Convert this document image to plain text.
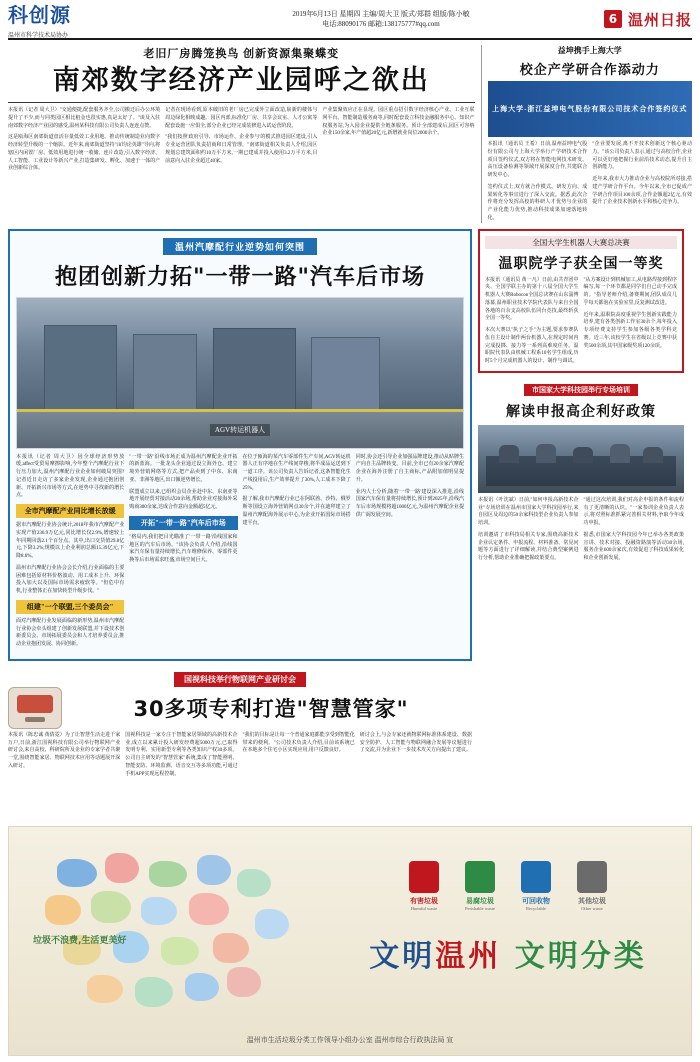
科创源
温州市科学技术局协办
2019年6月13日 星期四 主编/周大卫 版式/郑群 组版/陈小敏
电话:88090176 邮箱:138175777#qq.com	6 温州日报
老旧厂房腾笼换鸟 创新资源集聚蝶变
南郊数字经济产业园呼之欲出

本报讯（记者 周大卫）"交通便捷,配套服务齐全,公司搬迁后办公环境提升了不少,而与同类园区相比租金也很实惠,真是太好了。"谈及入驻南郊数字经济产业园的感受,温州某科技有限公司负责人连连点赞。

这是瓯海区南郊街道盘活存量低效工业用地、推动传统制造业向数字经济转型升级的一个缩影。近年来,南郊街道坚持"亩均论英雄"导向,将辖区内闲置厂房、低效用地进行统一收储、连片改造,引入数字经济、人工智能、工业设计等新兴产业,打造集研发、孵化、加速于一体的产业创新综合体。

记者在现场看到,原本破旧的老厂房已完成外立面改造,崭新的楼体与周边绿化相映成趣。园区内部,标准化厂房、共享会议室、人才公寓等配套设施一应俱全,部分企业已经完成装修进入试运营阶段。

"我们按照'政府引导、市场运作、企业参与'的模式推进园区建设,引入专业运营团队负责招商和日常管理。"南郊街道相关负责人介绍,园区规划总建筑面积约10万平方米,一期已建成并投入使用3.2万平方米,目前意向入驻企业超过40家。

产业集聚效应正在显现。园区重点招引数字经济核心产业、工业互联网平台、智能制造服务商等,同时配套设立科技金融服务中心、知识产权服务站,为入园企业提供全链条服务。预计全部建成后,园区可容纳企业150余家,年产值超20亿元,新增就业岗位2000余个。

益坤携手上海大学
校企产学研合作添动力
上海大学-浙江益坤电气股份有限公司技术合作签约仪式

本报讯（通讯员 王希）日前,温州益坤电气股份有限公司与上海大学举行产学研技术合作项目签约仪式,双方将在智能电网技术研发、高压设备检测等领域开展深度合作,共建联合研发中心。

签约仪式上,双方就合作模式、研发方向、成果转化等事宜进行了深入交流。据悉,此次合作将充分发挥高校的科研人才优势与企业的产业化能力优势,推动科技成果加速落地转化。

"企业要发展,离不开技术创新这个核心驱动力。"该公司负责人表示,通过与高校合作,企业可以更好地把握行业前沿技术动态,提升自主创新能力。

近年来,我市大力推动企业与高校院所对接,搭建产学研合作平台。今年以来,全市已促成产学研合作项目100余项,合作金额超2亿元,有效提升了企业技术创新水平和核心竞争力。

温州汽摩配行业逆势如何突围
抱团创新力拓"一带一路"汽车后市场
AGV转运机器人

本报讯（记者 周大卫）因全球经济形势放缓,affect受贸易摩擦影响,今年整个汽摩配行业下行压力加大,温州汽摩配行业企业如何破局突围?记者近日走访了多家企业发现,企业通过抱团创新、开拓新兴市场等方式,在逆势中寻找新的增长点。

全市汽摩配产业同比增长放缓

据市汽摩配行业协会统计,2018年我市汽摩配产业实现产值236.9万亿元,同比增长仅2.9%,增速较上年同期回落2.1个百分点。其中,出口交货值29.8亿元,下降3.2%;规模以上企业利润总额15.39亿元,下降8.6%。

温州市汽摩配行业协会会长介绍,行业面临的主要困难包括原材料价格波动、用工成本上升、环保投入加大以及国际市场需求疲软等。"但危中有机,行业整体正在加快转型升级步伐。"

组建"一个联盟,三个委员会"

面对汽摩配行业发展面临的新形势,温州市汽摩配行业协会牵头组建了创新发展联盟,并下设技术创新委员会、市场拓展委员会和人才培养委员会,推动企业抱团发展、协同创新。

"一带一路"沿线市场正成为温州汽摩配企业开拓的新蓝海。一批龙头企业通过设立海外仓、建立境外营销网络等方式,把产品卖到了中东、东南亚、非洲等地区,出口额逆势增长。

联盟成立以来,已组织会员企业赴中东、东南亚等地开展经贸对接活动20余场,帮助企业对接海外采购商300余家,达成合作意向金额超5亿元。

开拓"一带一路"汽车后市场

"格局内,我们把目光瞄准了'一带一路'沿线国家和地区的汽车后市场。"该协会负责人介绍,沿线国家汽车保有量持续增长,汽车维修保养、零部件更换等后市场需求旺盛,市场空间巨大。

在位于瓯海的某汽车零部件生产车间,AGV转运机器人正有序地在生产线间穿梭,将半成品运送到下一道工序。该公司负责人告诉记者,这条智能化生产线投用后,生产效率提升了30%,人工成本下降了25%。

据了解,我市汽摩配行业已在阿联酋、沙特、俄罗斯等国设立海外营销网点30余个,并在迪拜建立了温州汽摩配海外展示中心,为企业开拓国际市场搭建平台。

同时,协会还引导企业加强品牌建设,推动从贴牌生产向自主品牌转变。目前,全市已有20余家汽摩配企业在海外注册了自主商标,产品附加值明显提升。

业内人士分析,随着'一带一路'建设深入推进,沿线国家汽车保有量将持续增长,预计到2025年,沿线汽车后市场规模将超1000亿元,为温州汽摩配企业提供广阔发展空间。

全国大学生机器人大赛总决赛
温职院学子获全国一等奖

本报讯（通讯员 黄一凡）日前,由共青团中央、全国学联主办的第十八届全国大学生机器人大赛Robocon全国总决赛在山东淄博落幕,温州职业技术学院代表队与来自全国各地的百余支高校队伍同台竞技,最终斩获全国一等奖。

本次大赛以"执子之手"为主题,要求参赛队伍自主设计制作两台机器人,在规定时间内完成投掷、接力等一系列高难度任务。温职院代表队由机械工程系10名学生组成,历时5个月完成机器人的设计、制作与调试。

"从方案设计到机械加工,从电路焊接到程序编写,每一个环节都是同学们自己动手完成的。"指导老师介绍,备赛期间,团队成员几乎每天都泡在实验室里,反复测试改进。

近年来,温职院高度重视学生创新实践能力培养,建有各类创新工作室30余个,每年投入专项经费支持学生参加各级各类学科竞赛。近三年,该校学生在省级以上竞赛中获奖500余项,其中国家级奖项120余项。

市国家大学科技园举行专场培训
解读申报高企利好政策

本报讯（叶沈斌）日前,"如何申报高新技术企业"专场培训在温州市国家大学科技园举行,来自园区及周边的50余家科技型企业负责人参加培训。

培训邀请了市科技局相关专家,围绕高新技术企业认定条件、申报流程、材料准备、常见问题等方面进行了详细解读,并结合典型案例进行分析,帮助企业准确把握政策要点。

"通过这次培训,我们对高企申报的条件和流程有了更清晰的认识。"一家参训企业负责人表示,将对照标准抓紧完善相关材料,争取今年成功申报。

据悉,市国家大学科技园今年已举办各类政策宣讲、技术对接、投融资路演等活动30余场,服务企业600余家次,有效促进了科技成果转化和企业创新发展。

国视科技举行物联网产业研讨会
30多项专利打造"智慧管家"

本报讯（陈忠诚 黄倩霓）为了让智慧生活走进千家万户,日前,浙江国视科技有限公司举行物联网产业研讨会,来自高校、科研院所及企业的专家学者共聚一堂,围绕智能家居、物联网技术应用等话题展开深入研讨。

国视科技是一家专注于智能家居领域的高新技术企业,成立以来累计投入研发经费超5000万元,已取得发明专利、实用新型专利等各类知识产权30多项。公司自主研发的"智慧管家"系统,集成了智能照明、智能安防、环境监测、语音交互等多项功能,可通过手机APP实现远程控制。

"我们的目标是让每一个普通家庭都能享受到智能化带来的便利。"公司技术负责人介绍,目前该系统已在本地多个住宅小区实现应用,用户反馈良好。

研讨会上,与会专家还就物联网标准体系建设、数据安全防护、人工智能与物联网融合发展等议题进行了交流,并为企业下一步技术攻关方向提出了建议。

垃圾不浪费,生活更美好
有害垃圾
Harmful waste
易腐垃圾
Perishable waste
可回收物
Recyclable
其他垃圾
Other waste
文明温州 文明分类
温州市生活垃圾分类工作领导小组办公室 温州市综合行政执法局 宣
